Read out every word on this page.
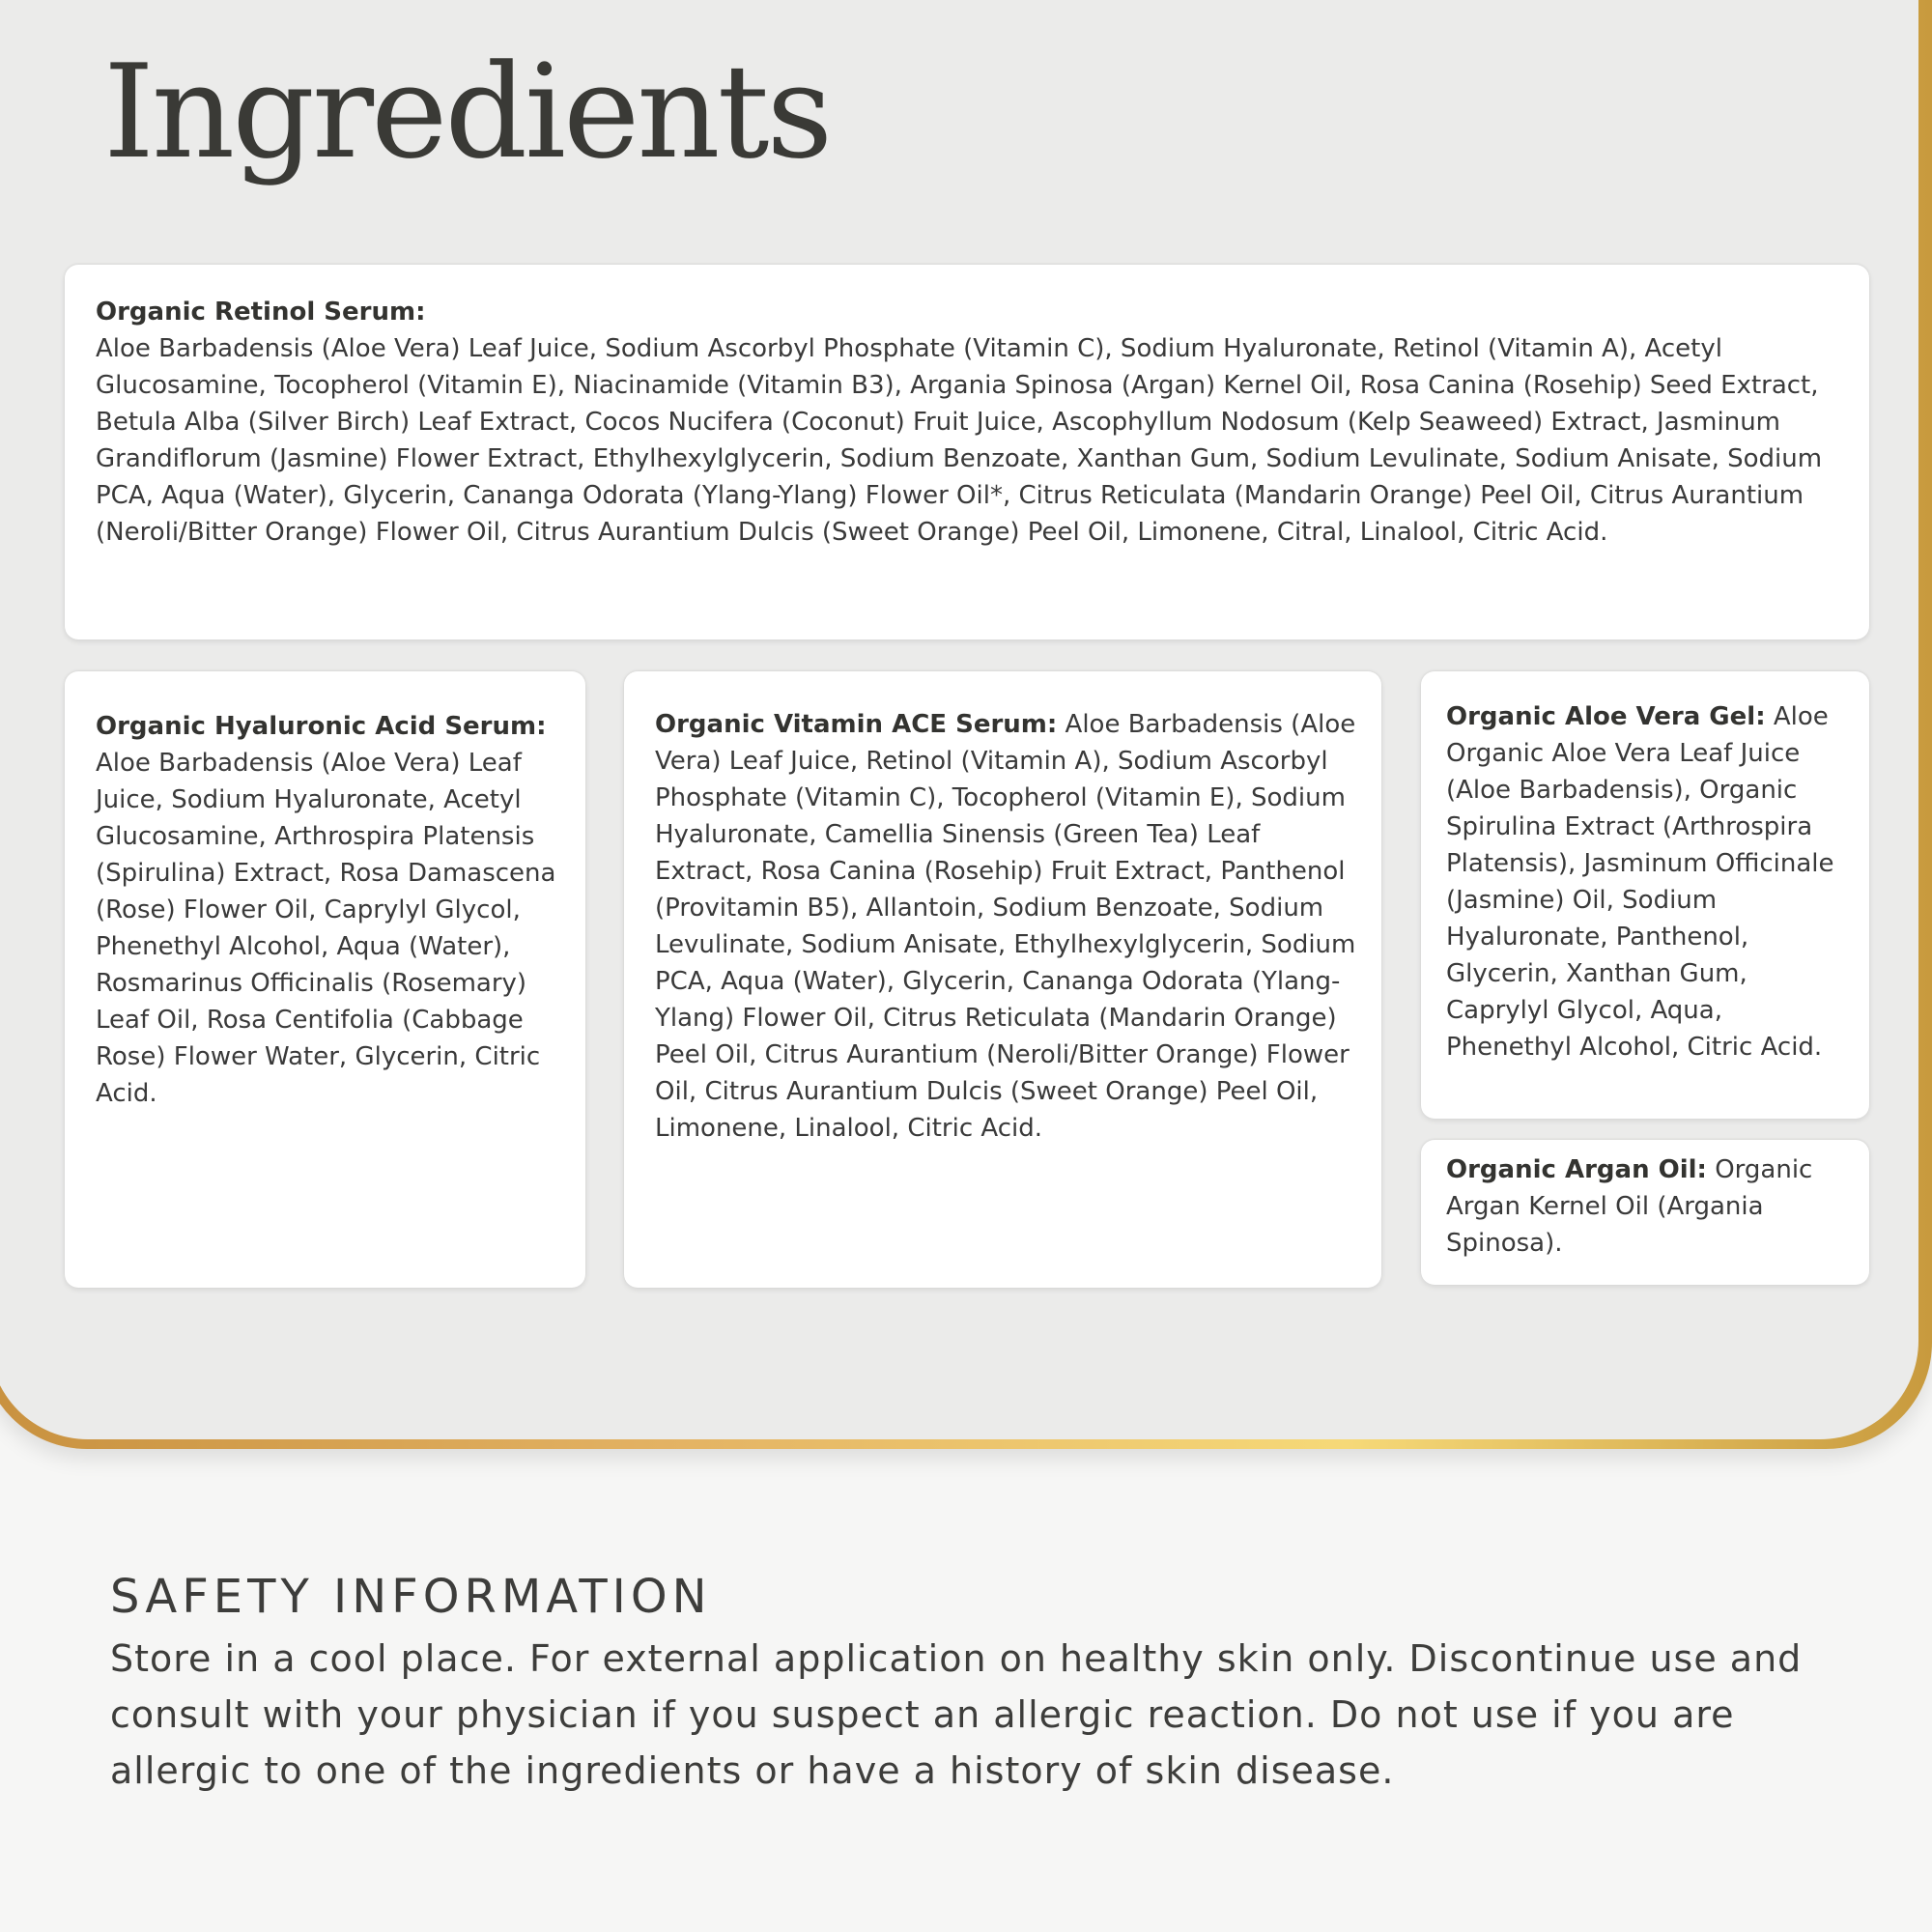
Ingredients

Organic Retinol Serum:
Aloe Barbadensis (Aloe Vera) Leaf Juice, Sodium Ascorbyl Phosphate (Vitamin C), Sodium Hyaluronate, Retinol (Vitamin A), Acetyl Glucosamine, Tocopherol (Vitamin E), Niacinamide (Vitamin B3), Argania Spinosa (Argan) Kernel Oil, Rosa Canina (Rosehip) Seed Extract, Betula Alba (Silver Birch) Leaf Extract, Cocos Nucifera (Coconut) Fruit Juice, Ascophyllum Nodosum (Kelp Seaweed) Extract, Jasminum Grandiflorum (Jasmine) Flower Extract, Ethylhexylglycerin, Sodium Benzoate, Xanthan Gum, Sodium Levulinate, Sodium Anisate, Sodium PCA, Aqua (Water), Glycerin, Cananga Odorata (Ylang-Ylang) Flower Oil*, Citrus Reticulata (Mandarin Orange) Peel Oil, Citrus Aurantium (Neroli/Bitter Orange) Flower Oil, Citrus Aurantium Dulcis (Sweet Orange) Peel Oil, Limonene, Citral, Linalool, Citric Acid.

Organic Hyaluronic Acid Serum: Aloe Barbadensis (Aloe Vera) Leaf Juice, Sodium Hyaluronate, Acetyl Glucosamine, Arthrospira Platensis (Spirulina) Extract, Rosa Damascena (Rose) Flower Oil, Caprylyl Glycol, Phenethyl Alcohol, Aqua (Water), Rosmarinus Officinalis (Rosemary) Leaf Oil, Rosa Centifolia (Cabbage Rose) Flower Water, Glycerin, Citric Acid.

Organic Vitamin ACE Serum: Aloe Barbadensis (Aloe Vera) Leaf Juice, Retinol (Vitamin A), Sodium Ascorbyl Phosphate (Vitamin C), Tocopherol (Vitamin E), Sodium Hyaluronate, Camellia Sinensis (Green Tea) Leaf Extract, Rosa Canina (Rosehip) Fruit Extract, Panthenol (Provitamin B5), Allantoin, Sodium Benzoate, Sodium Levulinate, Sodium Anisate, Ethylhexylglycerin, Sodium PCA, Aqua (Water), Glycerin, Cananga Odorata (Ylang-Ylang) Flower Oil, Citrus Reticulata (Mandarin Orange) Peel Oil, Citrus Aurantium (Neroli/Bitter Orange) Flower Oil, Citrus Aurantium Dulcis (Sweet Orange) Peel Oil, Limonene, Linalool, Citric Acid.

Organic Aloe Vera Gel: Aloe Organic Aloe Vera Leaf Juice (Aloe Barbadensis), Organic Spirulina Extract (Arthrospira Platensis), Jasminum Officinale (Jasmine) Oil, Sodium Hyaluronate, Panthenol, Glycerin, Xanthan Gum, Caprylyl Glycol, Aqua, Phenethyl Alcohol, Citric Acid.

Organic Argan Oil: Organic Argan Kernel Oil (Argania Spinosa).

SAFETY INFORMATION

Store in a cool place. For external application on healthy skin only. Discontinue use and consult with your physician if you suspect an allergic reaction. Do not use if you are allergic to one of the ingredients or have a history of skin disease.
